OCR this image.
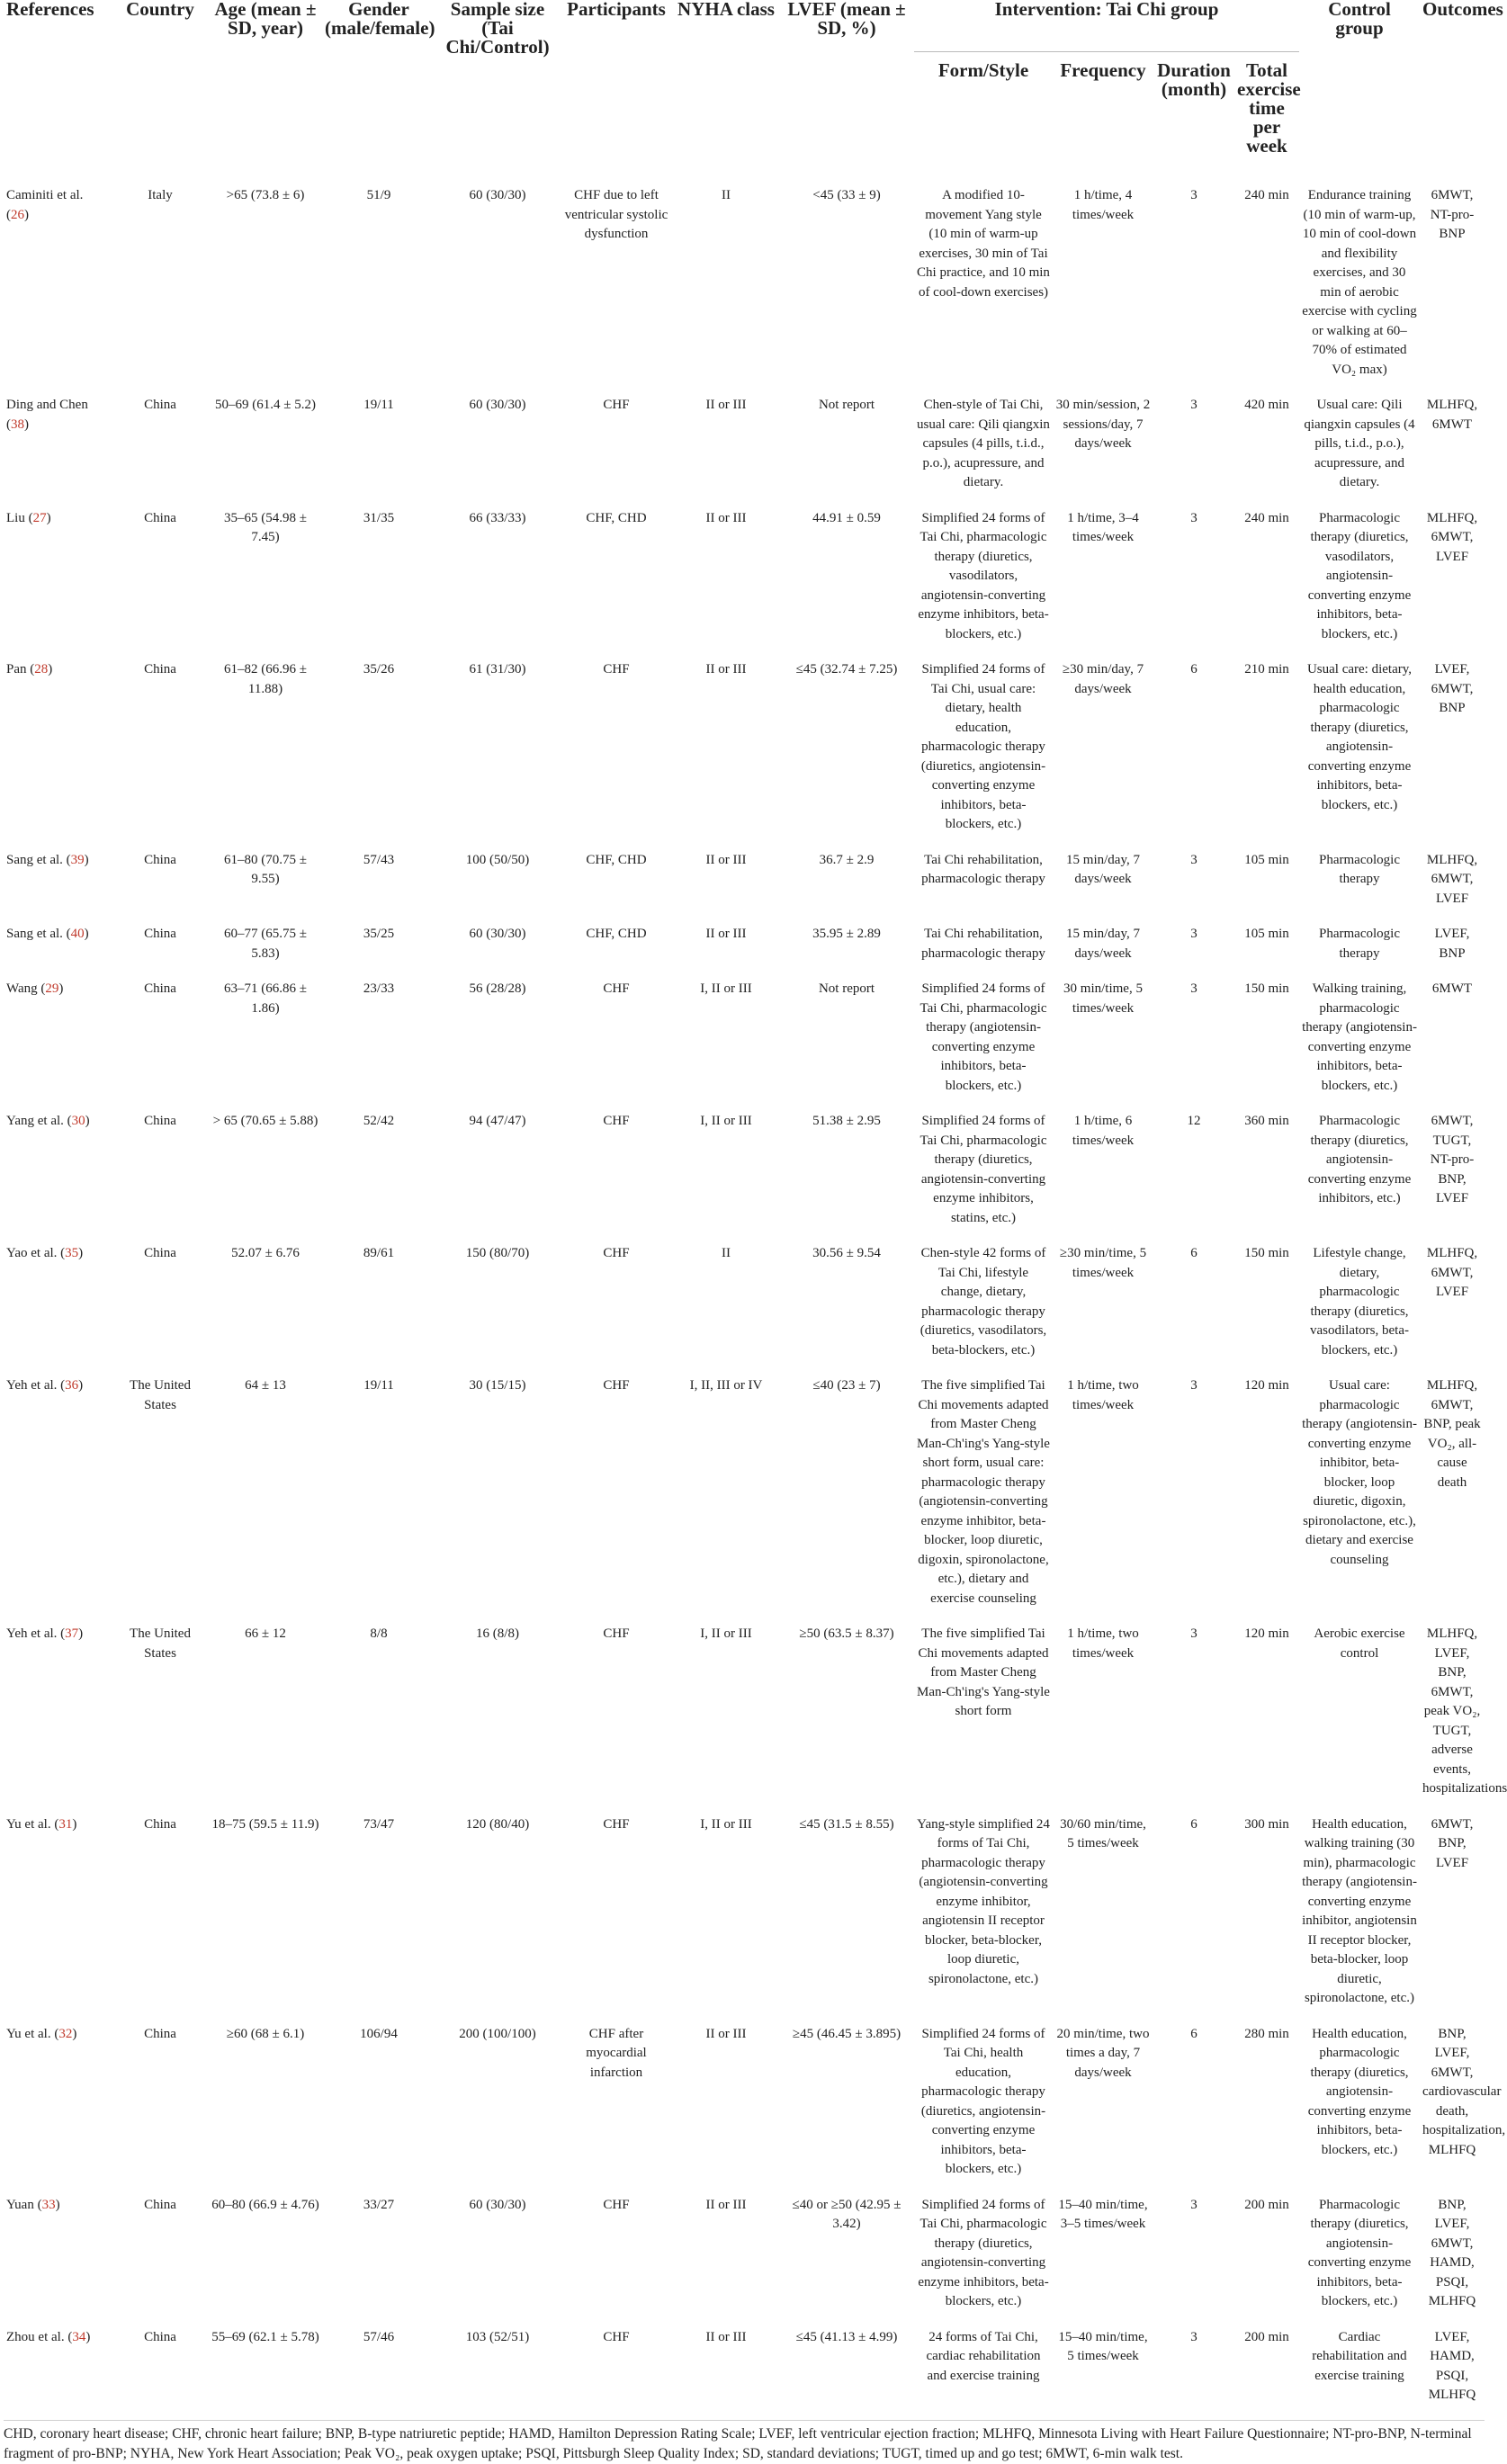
References	Country	Age (mean ± SD, year)	Gender (male/female)	Sample size (Tai Chi/Control)	Participants	NYHA class	LVEF (mean ± SD, %)	Intervention: Tai Chi group				Control group	Outcomes
								Form/Style	Frequency	Duration (month)	Total exercise time per week		
Caminiti et al. (26)	Italy	>65 (73.8 ± 6)	51/9	60 (30/30)	CHF due to left ventricular systolic dysfunction	II	<45 (33 ± 9)	A modified 10-movement Yang style (10 min of warm-up exercises, 30 min of Tai Chi practice, and 10 min of cool-down exercises)	1 h/time, 4 times/week	3	240 min	Endurance training (10 min of warm-up, 10 min of cool-down and flexibility exercises, and 30 min of aerobic exercise with cycling or walking at 60–70% of estimated VO₂ max)	6MWT, NT-pro-BNP
Ding and Chen (38)	China	50–69 (61.4 ± 5.2)	19/11	60 (30/30)	CHF	II or III	Not report	Chen-style of Tai Chi, usual care: Qili qiangxin capsules (4 pills, t.i.d., p.o.), acupressure, and dietary.	30 min/session, 2 sessions/day, 7 days/week	3	420 min	Usual care: Qili qiangxin capsules (4 pills, t.i.d., p.o.), acupressure, and dietary.	MLHFQ, 6MWT
Liu (27)	China	35–65 (54.98 ± 7.45)	31/35	66 (33/33)	CHF, CHD	II or III	44.91 ± 0.59	Simplified 24 forms of Tai Chi, pharmacologic therapy (diuretics, vasodilators, angiotensin-converting enzyme inhibitors, beta-blockers, etc.)	1 h/time, 3–4 times/week	3	240 min	Pharmacologic therapy (diuretics, vasodilators, angiotensin-converting enzyme inhibitors, beta-blockers, etc.)	MLHFQ, 6MWT, LVEF
Pan (28)	China	61–82 (66.96 ± 11.88)	35/26	61 (31/30)	CHF	II or III	≤45 (32.74 ± 7.25)	Simplified 24 forms of Tai Chi, usual care: dietary, health education, pharmacologic therapy (diuretics, angiotensin-converting enzyme inhibitors, beta-blockers, etc.)	≥30 min/day, 7 days/week	6	210 min	Usual care: dietary, health education, pharmacologic therapy (diuretics, angiotensin-converting enzyme inhibitors, beta-blockers, etc.)	LVEF, 6MWT, BNP
Sang et al. (39)	China	61–80 (70.75 ± 9.55)	57/43	100 (50/50)	CHF, CHD	II or III	36.7 ± 2.9	Tai Chi rehabilitation, pharmacologic therapy	15 min/day, 7 days/week	3	105 min	Pharmacologic therapy	MLHFQ, 6MWT, LVEF
Sang et al. (40)	China	60–77 (65.75 ± 5.83)	35/25	60 (30/30)	CHF, CHD	II or III	35.95 ± 2.89	Tai Chi rehabilitation, pharmacologic therapy	15 min/day, 7 days/week	3	105 min	Pharmacologic therapy	LVEF, BNP
Wang (29)	China	63–71 (66.86 ± 1.86)	23/33	56 (28/28)	CHF	I, II or III	Not report	Simplified 24 forms of Tai Chi, pharmacologic therapy (angiotensin-converting enzyme inhibitors, beta-blockers, etc.)	30 min/time, 5 times/week	3	150 min	Walking training, pharmacologic therapy (angiotensin-converting enzyme inhibitors, beta-blockers, etc.)	6MWT
Yang et al. (30)	China	> 65 (70.65 ± 5.88)	52/42	94 (47/47)	CHF	I, II or III	51.38 ± 2.95	Simplified 24 forms of Tai Chi, pharmacologic therapy (diuretics, angiotensin-converting enzyme inhibitors, statins, etc.)	1 h/time, 6 times/week	12	360 min	Pharmacologic therapy (diuretics, angiotensin-converting enzyme inhibitors, etc.)	6MWT, TUGT, NT-pro-BNP, LVEF
Yao et al. (35)	China	52.07 ± 6.76	89/61	150 (80/70)	CHF	II	30.56 ± 9.54	Chen-style 42 forms of Tai Chi, lifestyle change, dietary, pharmacologic therapy (diuretics, vasodilators, beta-blockers, etc.)	≥30 min/time, 5 times/week	6	150 min	Lifestyle change, dietary, pharmacologic therapy (diuretics, vasodilators, beta-blockers, etc.)	MLHFQ, 6MWT, LVEF
Yeh et al. (36)	The United States	64 ± 13	19/11	30 (15/15)	CHF	I, II, III or IV	≤40 (23 ± 7)	The five simplified Tai Chi movements adapted from Master Cheng Man-Ch'ing's Yang-style short form, usual care: pharmacologic therapy (angiotensin-converting enzyme inhibitor, beta-blocker, loop diuretic, digoxin, spironolactone, etc.), dietary and exercise counseling	1 h/time, two times/week	3	120 min	Usual care: pharmacologic therapy (angiotensin-converting enzyme inhibitor, beta-blocker, loop diuretic, digoxin, spironolactone, etc.), dietary and exercise counseling	MLHFQ, 6MWT, BNP, peak VO₂, all-cause death
Yeh et al. (37)	The United States	66 ± 12	8/8	16 (8/8)	CHF	I, II or III	≥50 (63.5 ± 8.37)	The five simplified Tai Chi movements adapted from Master Cheng Man-Ch'ing's Yang-style short form	1 h/time, two times/week	3	120 min	Aerobic exercise control	MLHFQ, LVEF, BNP, 6MWT, peak VO₂, TUGT, adverse events, hospitalizations
Yu et al. (31)	China	18–75 (59.5 ± 11.9)	73/47	120 (80/40)	CHF	I, II or III	≤45 (31.5 ± 8.55)	Yang-style simplified 24 forms of Tai Chi, pharmacologic therapy (angiotensin-converting enzyme inhibitor, angiotensin II receptor blocker, beta-blocker, loop diuretic, spironolactone, etc.)	30/60 min/time, 5 times/week	6	300 min	Health education, walking training (30 min), pharmacologic therapy (angiotensin-converting enzyme inhibitor, angiotensin II receptor blocker, beta-blocker, loop diuretic, spironolactone, etc.)	6MWT, BNP, LVEF
Yu et al. (32)	China	≥60 (68 ± 6.1)	106/94	200 (100/100)	CHF after myocardial infarction	II or III	≥45 (46.45 ± 3.895)	Simplified 24 forms of Tai Chi, health education, pharmacologic therapy (diuretics, angiotensin-converting enzyme inhibitors, beta-blockers, etc.)	20 min/time, two times a day, 7 days/week	6	280 min	Health education, pharmacologic therapy (diuretics, angiotensin-converting enzyme inhibitors, beta-blockers, etc.)	BNP, LVEF, 6MWT, cardiovascular death, hospitalization, MLHFQ
Yuan (33)	China	60–80 (66.9 ± 4.76)	33/27	60 (30/30)	CHF	II or III	≤40 or ≥50 (42.95 ± 3.42)	Simplified 24 forms of Tai Chi, pharmacologic therapy (diuretics, angiotensin-converting enzyme inhibitors, beta-blockers, etc.)	15–40 min/time, 3–5 times/week	3	200 min	Pharmacologic therapy (diuretics, angiotensin-converting enzyme inhibitors, beta-blockers, etc.)	BNP, LVEF, 6MWT, HAMD, PSQI, MLHFQ
Zhou et al. (34)	China	55–69 (62.1 ± 5.78)	57/46	103 (52/51)	CHF	II or III	≤45 (41.13 ± 4.99)	24 forms of Tai Chi, cardiac rehabilitation and exercise training	15–40 min/time, 5 times/week	3	200 min	Cardiac rehabilitation and exercise training	LVEF, HAMD, PSQI, MLHFQ
CHD, coronary heart disease; CHF, chronic heart failure; BNP, B-type natriuretic peptide; HAMD, Hamilton Depression Rating Scale; LVEF, left ventricular ejection fraction; MLHFQ, Minnesota Living with Heart Failure Questionnaire; NT-pro-BNP, N-terminal fragment of pro-BNP; NYHA, New York Heart Association; Peak VO₂, peak oxygen uptake; PSQI, Pittsburgh Sleep Quality Index; SD, standard deviations; TUGT, timed up and go test; 6MWT, 6-min walk test.
